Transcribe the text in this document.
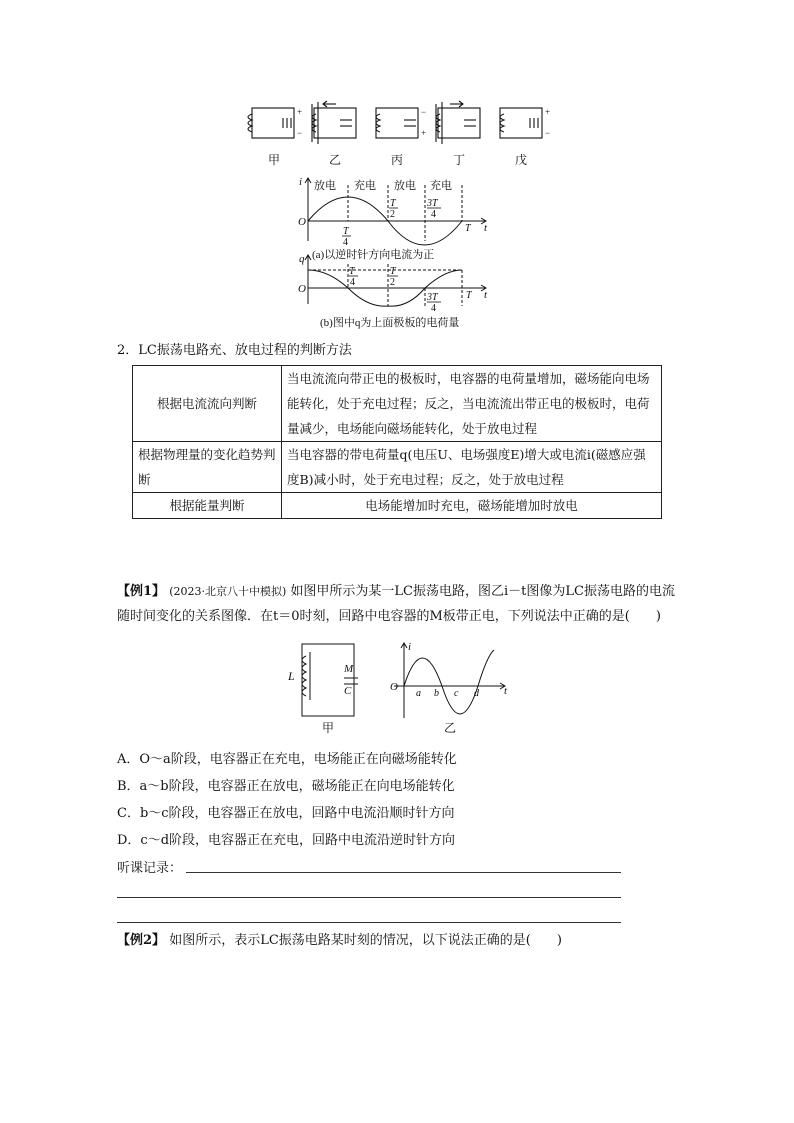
+
−
−
+
+
−
甲	乙	丙	丁	戊
i
O	t
放电 充电 放电 充电
T
2
3T
4
T
T
4
(a)以逆时针方向电流为正
q
O	t
T
4
T
2
3T
4
T
(b)图中q为上面极板的电荷量
2．LC振荡电路充、放电过程的判断方法
根据电流流向判断	当电流流向带正电的极板时，电容器的电荷量增加，磁场能向电场能转化，处于充电过程；反之，当电流流出带正电的极板时，电荷量减少，电场能向磁场能转化，处于放电过程
根据物理量的变化趋势判断	当电容器的带电荷量q(电压U、电场强度E)增大或电流i(磁感应强度B)减小时，处于充电过程；反之，处于放电过程
根据能量判断	电场能增加时充电，磁场能增加时放电
【例1】 (2023·北京八十中模拟) 如图甲所示为某一LC振荡电路，图乙i－t图像为LC振荡电路的电流随时间变化的关系图像．在t＝0时刻，回路中电容器的M板带正电，下列说法中正确的是(　　)
L	M
C
甲
i
O	t
a b c d
乙
A．O～a阶段，电容器正在充电，电场能正在向磁场能转化
B．a～b阶段，电容器正在放电，磁场能正在向电场能转化
C．b～c阶段，电容器正在放电，回路中电流沿顺时针方向
D．c～d阶段，电容器正在充电，回路中电流沿逆时针方向
听课记录：
【例2】 如图所示，表示LC振荡电路某时刻的情况，以下说法正确的是(　　)
